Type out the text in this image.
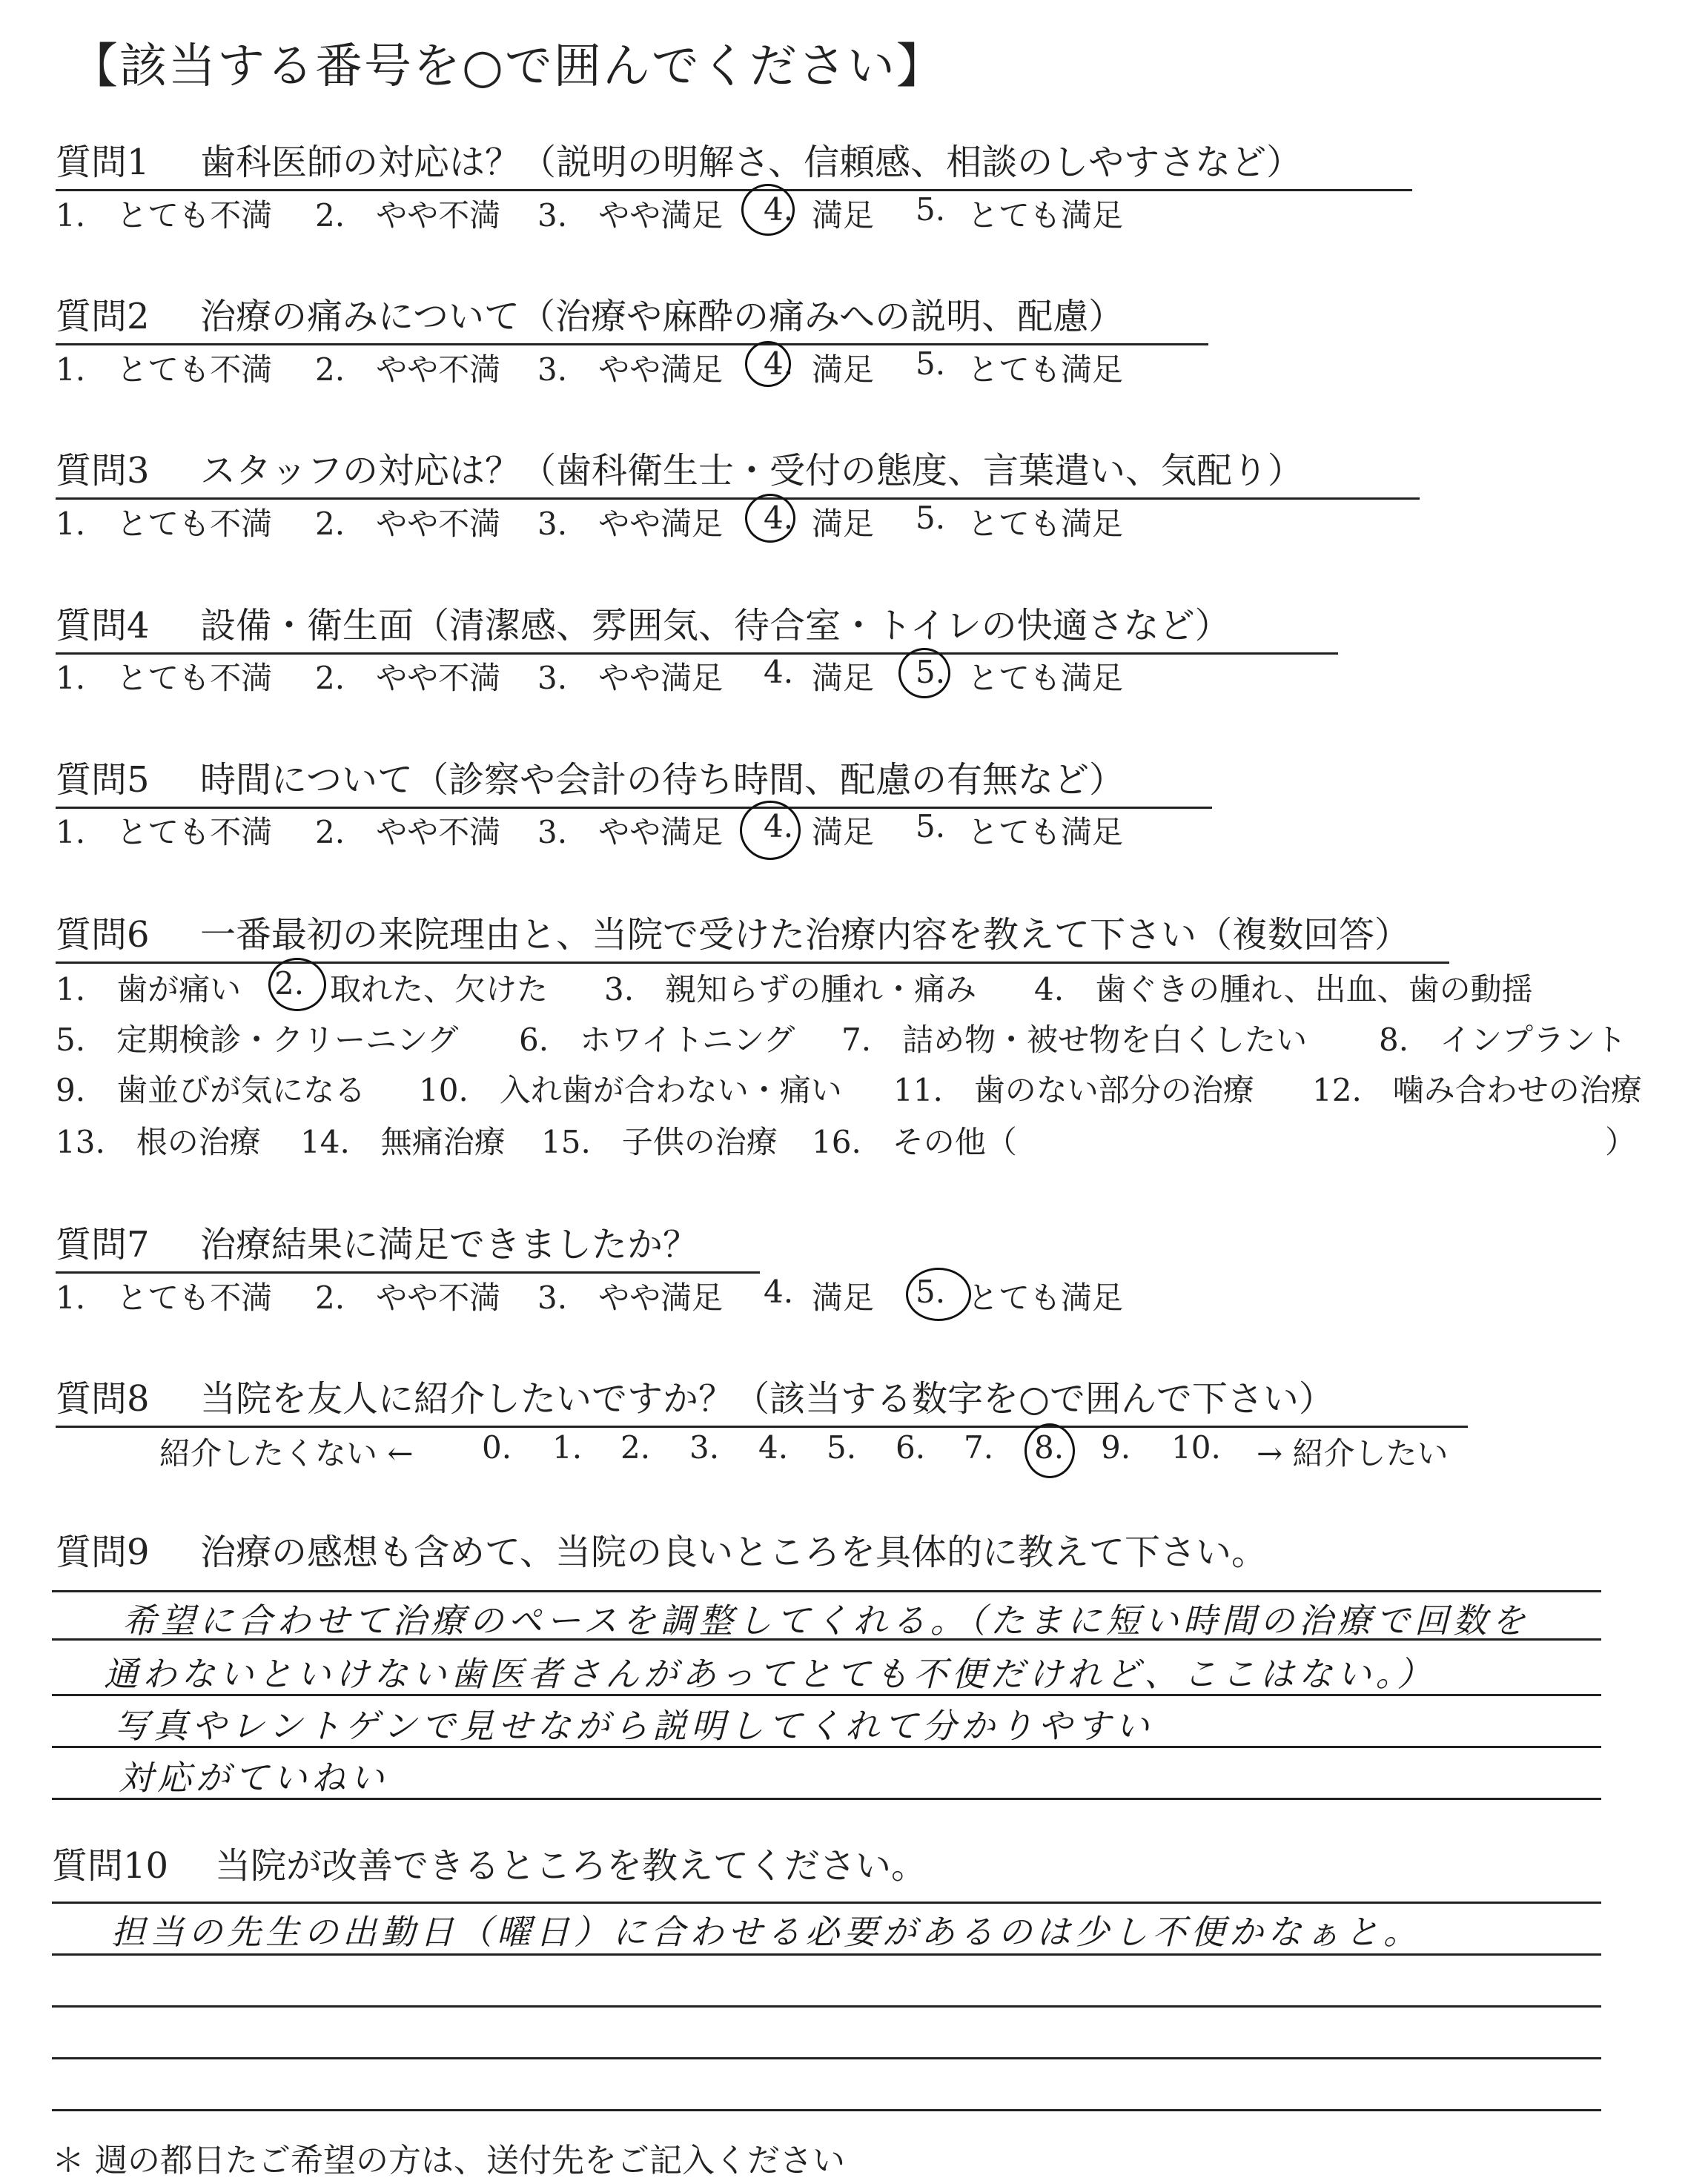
【該当する番号を○で囲んでください】
質問1 歯科医師の対応は？（説明の明解さ、信頼感、相談のしやすさなど）
1.　とても不満 2.　やや不満 3.　やや満足 4. 満足 5. とても満足
質問2 治療の痛みについて（治療や麻酔の痛みへの説明、配慮）
1.　とても不満 2.　やや不満 3.　やや満足 4. 満足 5. とても満足
質問3 スタッフの対応は？（歯科衛生士・受付の態度、言葉遣い、気配り）
1.　とても不満 2.　やや不満 3.　やや満足 4. 満足 5. とても満足
質問4 設備・衛生面（清潔感、雰囲気、待合室・トイレの快適さなど）
1.　とても不満 2.　やや不満 3.　やや満足 4. 満足 5. とても満足
質問5 時間について（診察や会計の待ち時間、配慮の有無など）
1.　とても不満 2.　やや不満 3.　やや満足 4. 満足 5. とても満足
質問6 一番最初の来院理由と、当院で受けた治療内容を教えて下さい（複数回答）
1.　歯が痛い 2. 取れた、欠けた 3.　親知らずの腫れ・痛み 4.　歯ぐきの腫れ、出血、歯の動揺
5.　定期検診・クリーニング 6.　ホワイトニング 7.　詰め物・被せ物を白くしたい 8.　インプラント
9.　歯並びが気になる 10.　入れ歯が合わない・痛い 11.　歯のない部分の治療 12.　噛み合わせの治療
13.　根の治療 14.　無痛治療 15.　子供の治療 16.　その他（	）
質問7 治療結果に満足できましたか？
1.　とても不満 2.　やや不満 3.　やや満足 4. 満足 5. とても満足
質問8 当院を友人に紹介したいですか？（該当する数字を○で囲んで下さい）
紹介したくない ← 0. 1. 2. 3. 4. 5. 6. 7. 8. 9. 10. → 紹介したい
質問9 治療の感想も含めて、当院の良いところを具体的に教えて下さい。
希望に合わせて治療のペースを調整してくれる。（たまに短い時間の治療で回数を
通わないといけない歯医者さんがあってとても不便だけれど、ここはない。）
写真やレントゲンで見せながら説明してくれて分かりやすい
対応がていねい
質問10 当院が改善できるところを教えてください。
担当の先生の出勤日（曜日）に合わせる必要があるのは少し不便かなぁと。
＊ 週の都日たご希望の方は、送付先をご記入ください
